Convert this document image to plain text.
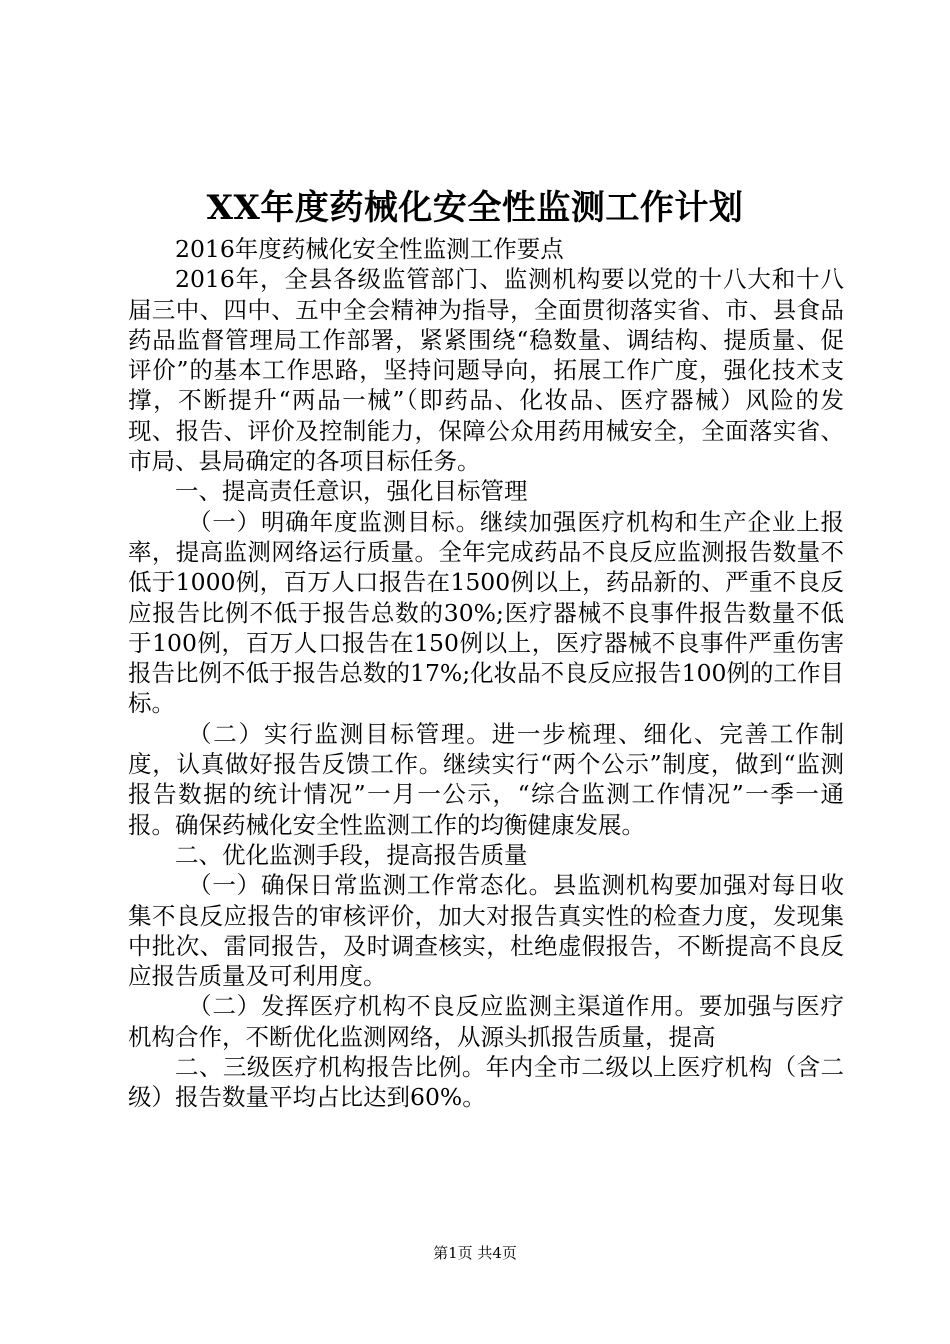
XX年度药械化安全性监测工作计划

2016年度药械化安全性监测工作要点

2016年，全县各级监管部门、监测机构要以党的十八大和十八届三中、四中、五中全会精神为指导，全面贯彻落实省、市、县食品药品监督管理局工作部署，紧紧围绕“稳数量、调结构、提质量、促评价”的基本工作思路，坚持问题导向，拓展工作广度，强化技术支撑，不断提升“两品一械”（即药品、化妆品、医疗器械）风险的发现、报告、评价及控制能力，保障公众用药用械安全，全面落实省、市局、县局确定的各项目标任务。

一、提高责任意识，强化目标管理

（一）明确年度监测目标。继续加强医疗机构和生产企业上报率，提高监测网络运行质量。全年完成药品不良反应监测报告数量不低于1000例，百万人口报告在1500例以上，药品新的、严重不良反应报告比例不低于报告总数的30%;医疗器械不良事件报告数量不低于100例，百万人口报告在150例以上，医疗器械不良事件严重伤害报告比例不低于报告总数的17%;化妆品不良反应报告100例的工作目标。

（二）实行监测目标管理。进一步梳理、细化、完善工作制度，认真做好报告反馈工作。继续实行“两个公示”制度，做到“监测报告数据的统计情况”一月一公示，“综合监测工作情况”一季一通报。确保药械化安全性监测工作的均衡健康发展。

二、优化监测手段，提高报告质量

（一）确保日常监测工作常态化。县监测机构要加强对每日收集不良反应报告的审核评价，加大对报告真实性的检查力度，发现集中批次、雷同报告，及时调查核实，杜绝虚假报告，不断提高不良反应报告质量及可利用度。

（二）发挥医疗机构不良反应监测主渠道作用。要加强与医疗机构合作，不断优化监测网络，从源头抓报告质量，提高

二、三级医疗机构报告比例。年内全市二级以上医疗机构（含二级）报告数量平均占比达到60%。

第1页 共4页
